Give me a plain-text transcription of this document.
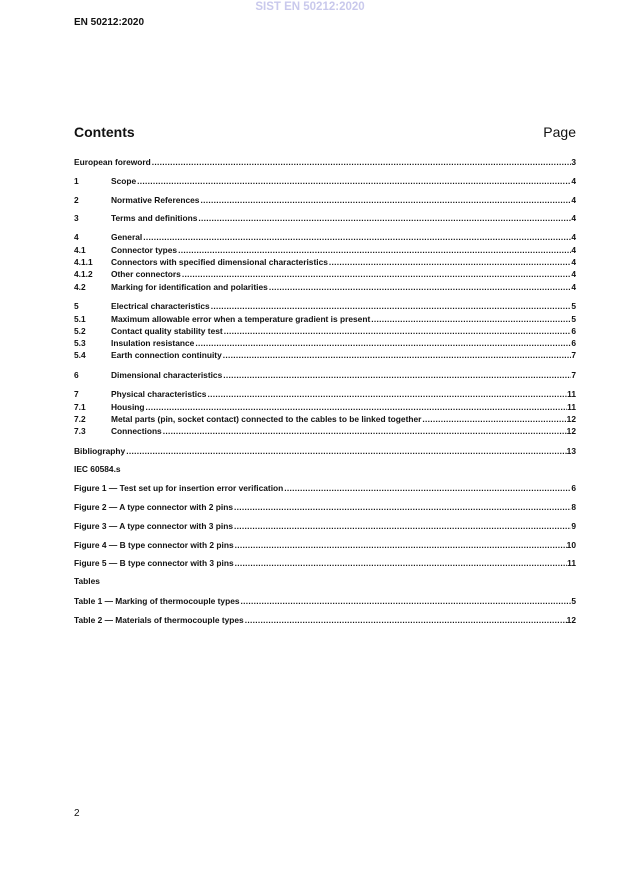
SIST EN 50212:2020
EN 50212:2020
Contents	Page
European foreword .....	3
1	Scope .....	4
2	Normative References .....	4
3	Terms and definitions .....	4
4	General .....	4
4.1	Connector types .....	4
4.1.1	Connectors with specified dimensional characteristics .....	4
4.1.2	Other connectors .....	4
4.2	Marking for identification and polarities .....	4
5	Electrical characteristics .....	5
5.1	Maximum allowable error when a temperature gradient is present .....	5
5.2	Contact quality stability test .....	6
5.3	Insulation resistance .....	6
5.4	Earth connection continuity .....	7
6	Dimensional characteristics .....	7
7	Physical characteristics .....	11
7.1	Housing .....	11
7.2	Metal parts (pin, socket contact) connected to the cables to be linked together .....	12
7.3	Connections .....	12
Bibliography .....	13
Figure 1 — Test set up for insertion error verification .....	6
Figure 2 — A type connector with 2 pins .....	8
Figure 3 — A type connector with 3 pins .....	9
Figure 4 — B type connector with 2 pins .....	10
Figure 5 — B type connector with 3 pins .....	11
Table 1 — Marking of thermocouple types .....	5
Table 2 — Materials of thermocouple types .....	12
IEC 60584.s
Tables
2
